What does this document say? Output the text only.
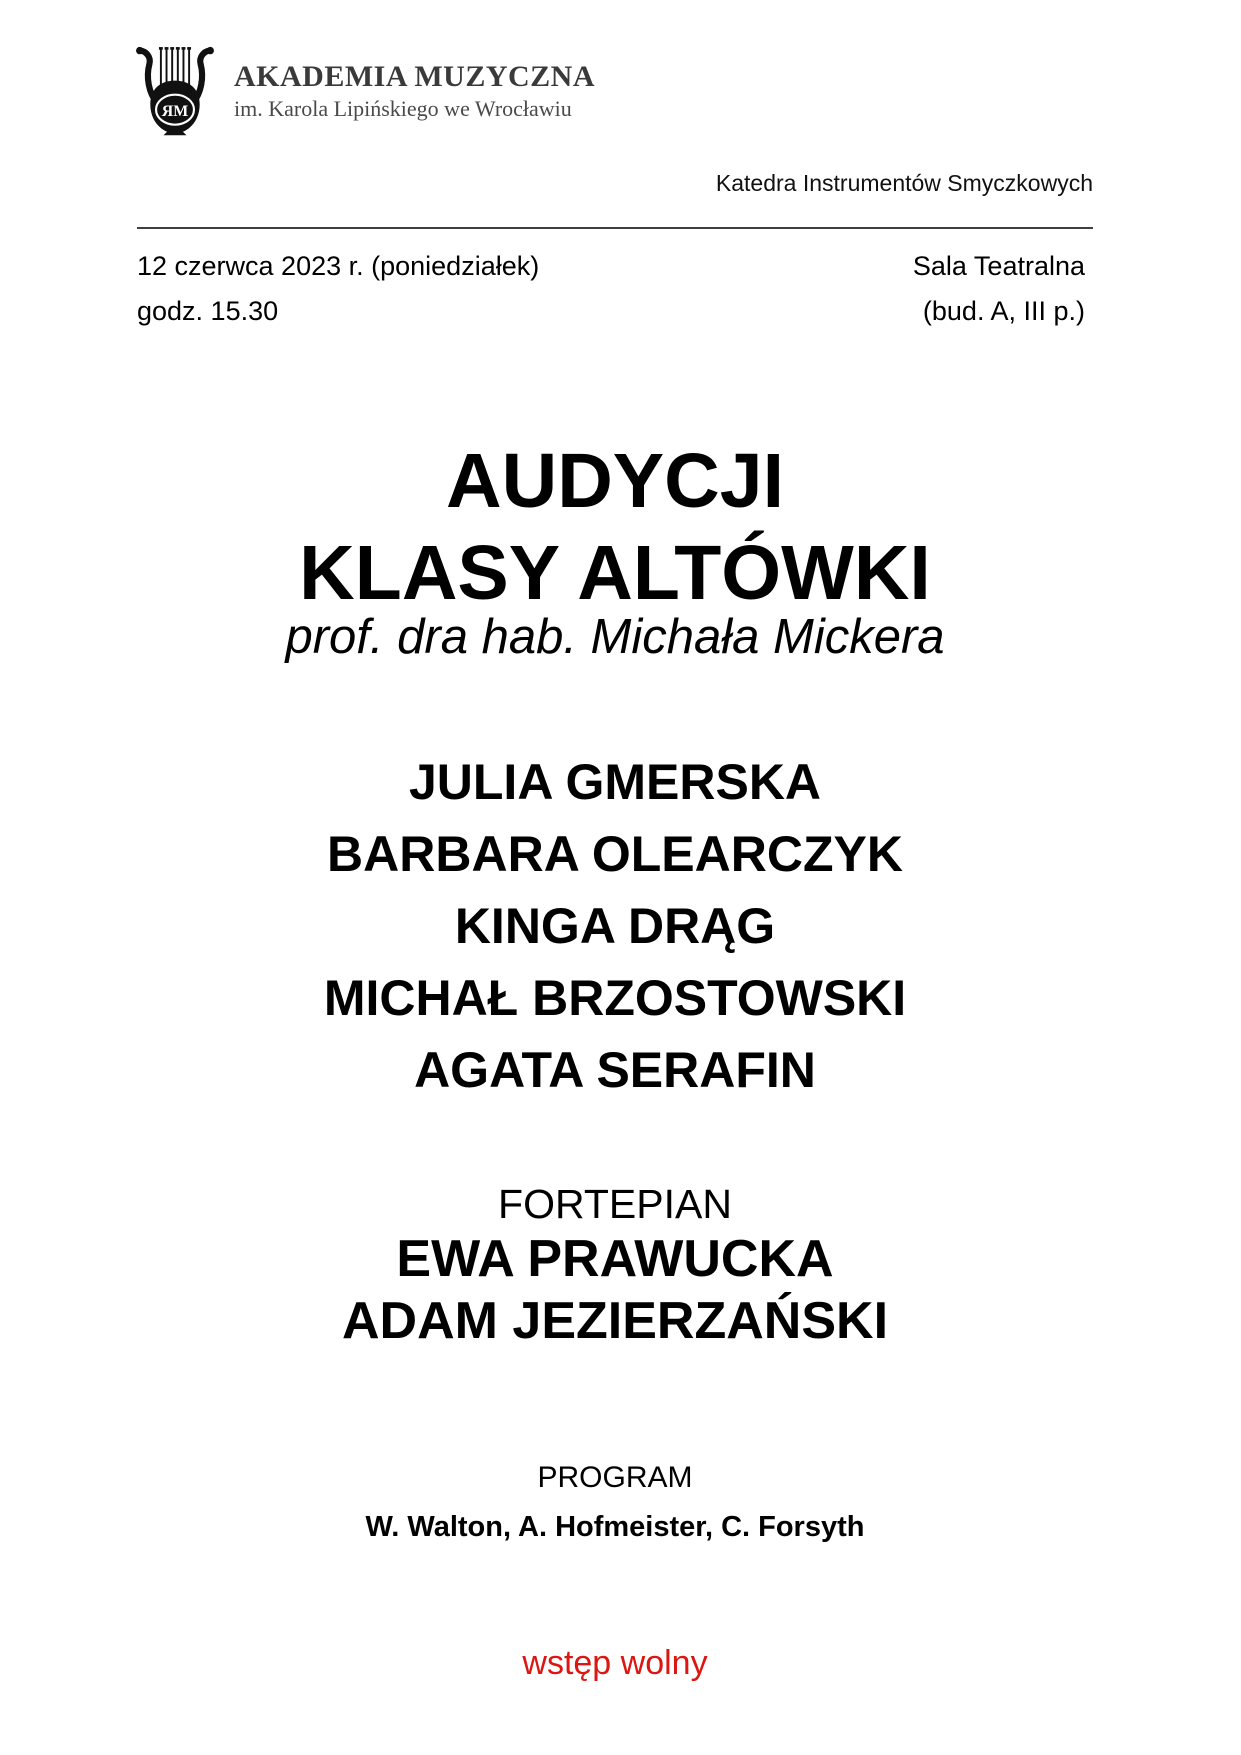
ЯM
AKADEMIA MUZYCZNA
im. Karola Lipińskiego we Wrocławiu
Katedra Instrumentów Smyczkowych
12 czerwca 2023 r. (poniedziałek)	Sala Teatralna
godz. 15.30	(bud. A, III p.)
AUDYCJI
KLASY ALTÓWKI
prof. dra hab. Michała Mickera
JULIA GMERSKA
BARBARA OLEARCZYK
KINGA DRĄG
MICHAŁ BRZOSTOWSKI
AGATA SERAFIN
FORTEPIAN
EWA PRAWUCKA
ADAM JEZIERZAŃSKI
PROGRAM
W. Walton, A. Hofmeister, C. Forsyth
wstęp wolny
